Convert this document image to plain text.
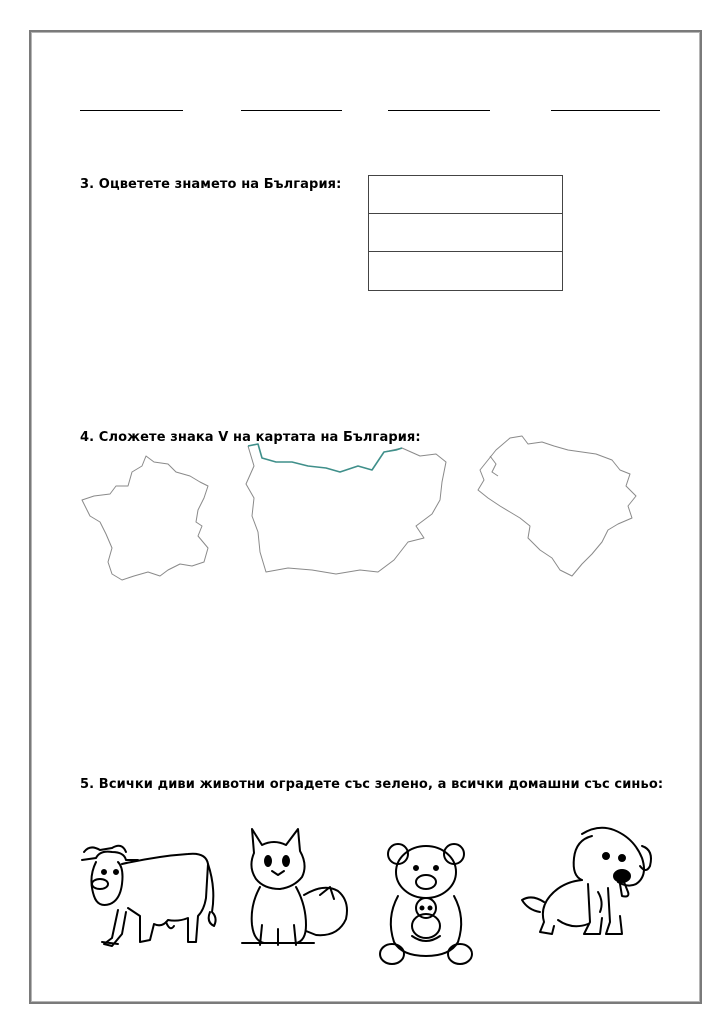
3. Оцветете знамето на България:
4. Сложете знака V на картата на България:
5. Всички диви животни оградете със зелено, а всички домашни със синьо:
